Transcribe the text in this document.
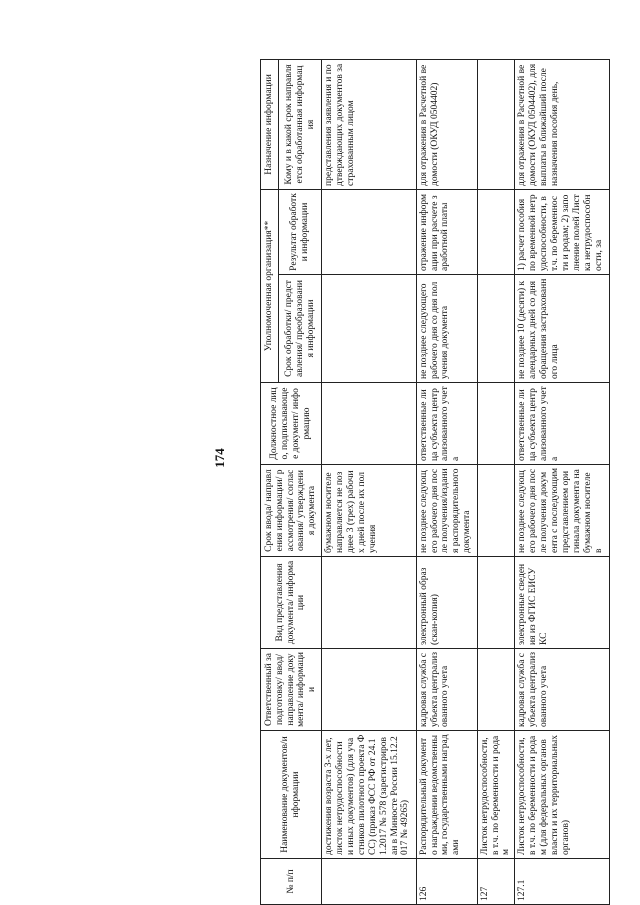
174
№ п/п	Наименование документов/информации	Ответственный за подготовку/ ввод/ направление документа/ информации	Вид представления документа/ информации	Срок ввода/ направления информации/ рассмотрения/ согласования/ утверждения документа	Должностное лицо, подписывающее документ/ информацию	Уполномоченная организация**		Назначение информации
						Срок обработки/ представления/ преобразования информации	Результат обработки информации	Кому и в какой срок направляется обработанная информация
	достижения возраста 3-х лет, листок нетрудоспособности и иных документов) (для участников пилотного проекта ФСС) (приказ ФСС РФ от 24.11.2017 № 578 (зарегистрирован в Минюсте России 15.12.2017 № 49265)			бумажном носителе направляется не позднее 3 (трех) рабочих дней после их получения				представления заявления и подтверждающих документов застрахованным лицом
126	Распорядительный документ о награждении ведомственными, государственными наградами	кадровая служба субъекта централизованного учета	электронный образ (скан-копия)	не позднее следующего рабочего дня после получения/издания распорядительного документа	ответственные лица субъекта централизованного учета	не позднее следующего рабочего дня со дня получения документа	отражение информации при расчете заработной платы	для отражения в Расчетной ведомости (ОКУД 0504402)
127	Листок нетрудоспособности, в т.ч. по беременности и родам							
127.1	Листок нетрудоспособности, в т.ч. по беременности и родам (для федеральных органов власти и их территориальных органов)	кадровая служба субъекта централизованного учета	электронные сведения из ФГИС ЕИСУ КС	не позднее следующего рабочего дня после получения документа с последующим представлением оригинала документа на бумажном носителе в	ответственные лица субъекта централизованного учета	не позднее 10 (десяти) календарных дней со дня обращения застрахованного лица	1) расчет пособия по временной нетрудоспособности, в т.ч. по беременности и родам; 2) заполнение полей Листка нетрудоспособности, за	для отражения в Расчетной ведомости (ОКУД 0504402), для выплаты в ближайший после назначения пособия день,
